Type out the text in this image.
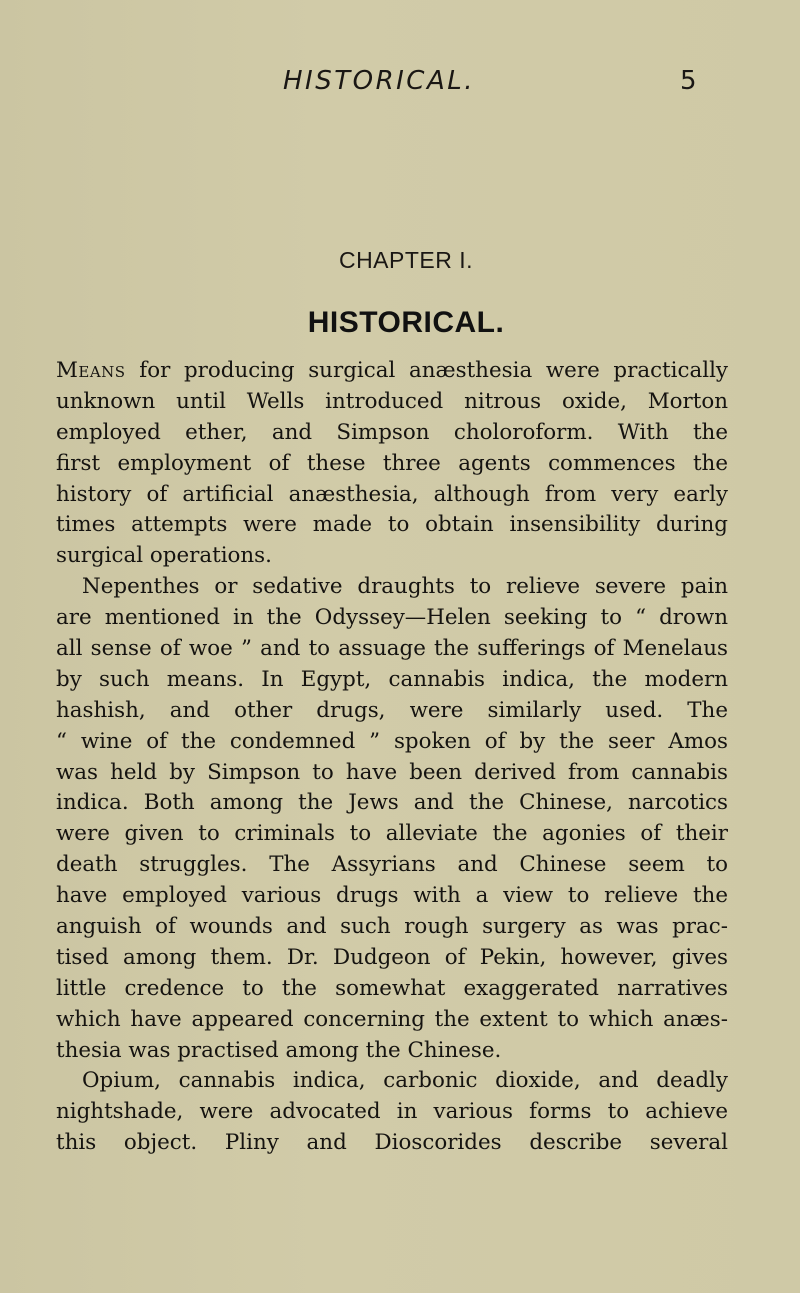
HISTORICAL.	5
CHAPTER I.
HISTORICAL.
Means for producing surgical anæsthesia were practically
unknown until Wells introduced nitrous oxide, Morton
employed ether, and Simpson choloroform. With the
first employment of these three agents commences the
history of artificial anæsthesia, although from very early
times attempts were made to obtain insensibility during
surgical operations.
Nepenthes or sedative draughts to relieve severe pain
are mentioned in the Odyssey—Helen seeking to “ drown
all sense of woe ” and to assuage the sufferings of Menelaus
by such means. In Egypt, cannabis indica, the modern
hashish, and other drugs, were similarly used. The
“ wine of the condemned ” spoken of by the seer Amos
was held by Simpson to have been derived from cannabis
indica. Both among the Jews and the Chinese, narcotics
were given to criminals to alleviate the agonies of their
death struggles. The Assyrians and Chinese seem to
have employed various drugs with a view to relieve the
anguish of wounds and such rough surgery as was prac-
tised among them. Dr. Dudgeon of Pekin, however, gives
little credence to the somewhat exaggerated narratives
which have appeared concerning the extent to which anæs-
thesia was practised among the Chinese.
Opium, cannabis indica, carbonic dioxide, and deadly
nightshade, were advocated in various forms to achieve
this object. Pliny and Dioscorides describe several
